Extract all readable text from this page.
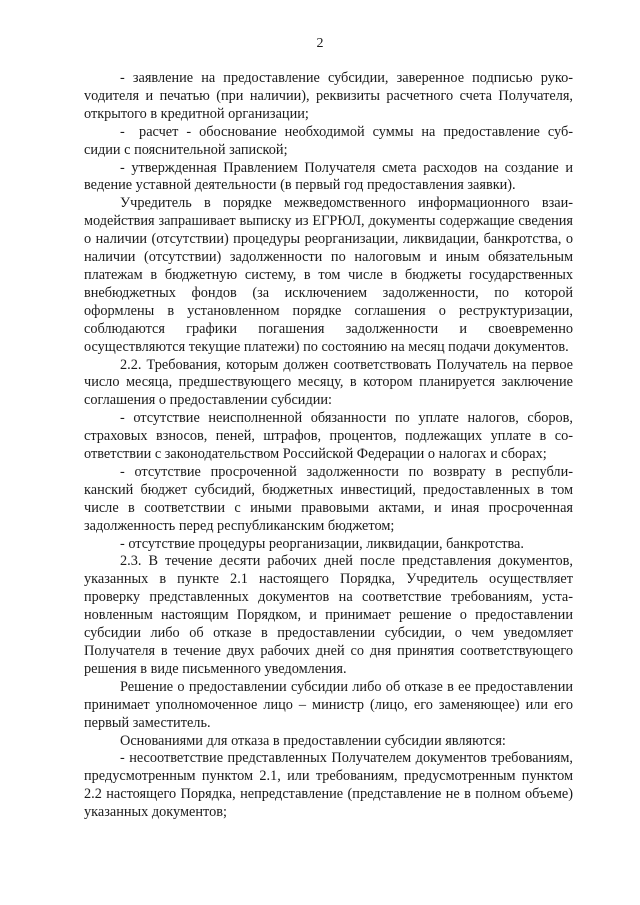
2

- заявление на предоставление субсидии, заверенное подписью рукоvодителя и печатью (при наличии), реквизиты расчетного счета Получателя, открытого в кредитной организации;

- расчет - обоснование необходимой суммы на предоставление субсидии с пояснительной запиской;

- утвержденная Правлением Получателя смета расходов на создание и ведение уставной деятельности (в первый год предоставления заявки).

Учредитель в порядке межведомственного информационного взаимодействия запрашивает выписку из ЕГРЮЛ, документы содержащие сведения о наличии (отсутствии) процедуры реорганизации, ликвидации, банкротства, о наличии (отсутствии) задолженности по налоговым и иным обязательным платежам в бюджетную систему, в том числе в бюджеты государственных внебюджетных фондов (за исключением задолженности, по которой оформлены в установленном порядке соглашения о реструктуризации, соблюдаются графики погашения задолженности и своевременно осуществляются текущие платежи) по состоянию на месяц подачи документов.

2.2. Требования, которым должен соответствовать Получатель на первое число месяца, предшествующего месяцу, в котором планируется заключение соглашения о предоставлении субсидии:

- отсутствие неисполненной обязанности по уплате налогов, сборов, страховых взносов, пеней, штрафов, процентов, подлежащих уплате в соответствии с законодательством Российской Федерации о налогах и сборах;

- отсутствие просроченной задолженности по возврату в республиканский бюджет субсидий, бюджетных инвестиций, предоставленных в том числе в соответствии с иными правовыми актами, и иная просроченная задолженность перед республиканским бюджетом;

- отсутствие процедуры реорганизации, ликвидации, банкротства.

2.3. В течение десяти рабочих дней после представления документов, указанных в пункте 2.1 настоящего Порядка, Учредитель осуществляет проверку представленных документов на соответствие требованиям, установленным настоящим Порядком, и принимает решение о предоставлении субсидии либо об отказе в предоставлении субсидии, о чем уведомляет Получателя в течение двух рабочих дней со дня принятия соответствующего решения в виде письменного уведомления.

Решение о предоставлении субсидии либо об отказе в ее предоставлении принимает уполномоченное лицо – министр (лицо, его заменяющее) или его первый заместитель.

Основаниями для отказа в предоставлении субсидии являются:

- несоответствие представленных Получателем документов требованиям, предусмотренным пунктом 2.1, или требованиям, предусмотренным пунктом 2.2 настоящего Порядка, непредставление (представление не в полном объеме) указанных документов;
